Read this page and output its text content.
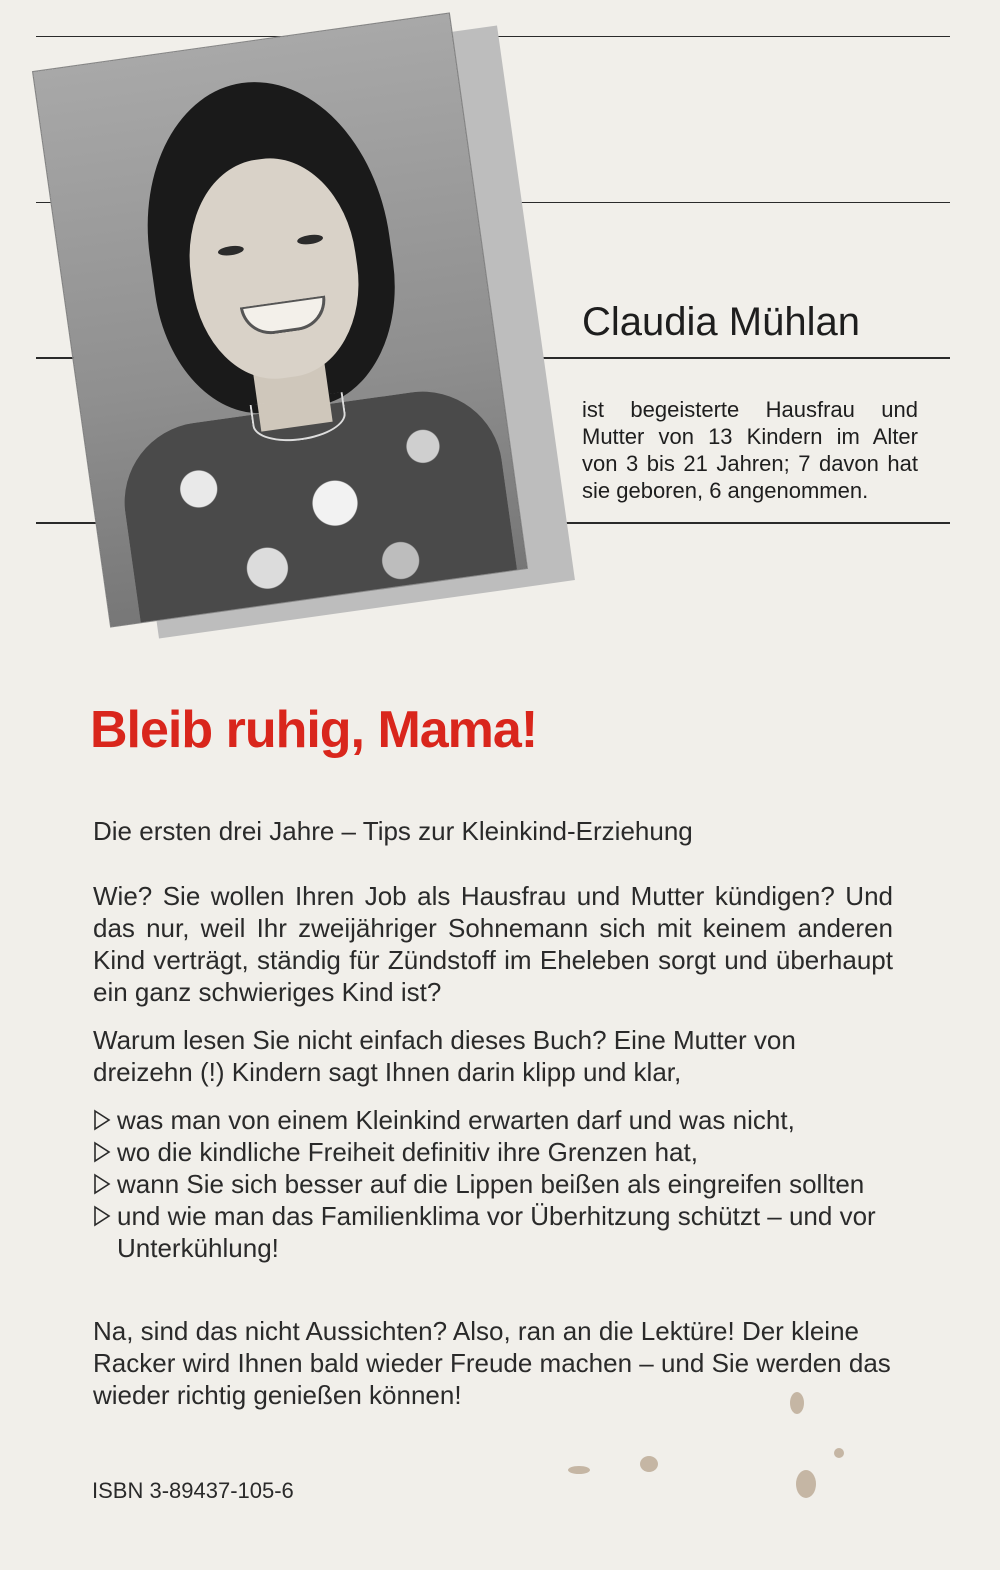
Claudia Mühlan
ist begeisterte Hausfrau und Mutter von 13 Kindern im Alter von 3 bis 21 Jahren; 7 davon hat sie geboren, 6 angenommen.
Bleib ruhig, Mama!
Die ersten drei Jahre – Tips zur Kleinkind-Erziehung
Wie? Sie wollen Ihren Job als Hausfrau und Mutter kündigen? Und das nur, weil Ihr zweijähriger Sohnemann sich mit keinem anderen Kind verträgt, ständig für Zündstoff im Eheleben sorgt und überhaupt ein ganz schwieriges Kind ist?
Warum lesen Sie nicht einfach dieses Buch? Eine Mutter von dreizehn (!) Kindern sagt Ihnen darin klipp und klar,
was man von einem Kleinkind erwarten darf und was nicht,
wo die kindliche Freiheit definitiv ihre Grenzen hat,
wann Sie sich besser auf die Lippen beißen als eingreifen sollten
und wie man das Familienklima vor Überhitzung schützt – und vor Unterkühlung!
Na, sind das nicht Aussichten? Also, ran an die Lektüre! Der kleine Racker wird Ihnen bald wieder Freude machen – und Sie werden das wieder richtig genießen können!
ISBN 3-89437-105-6
